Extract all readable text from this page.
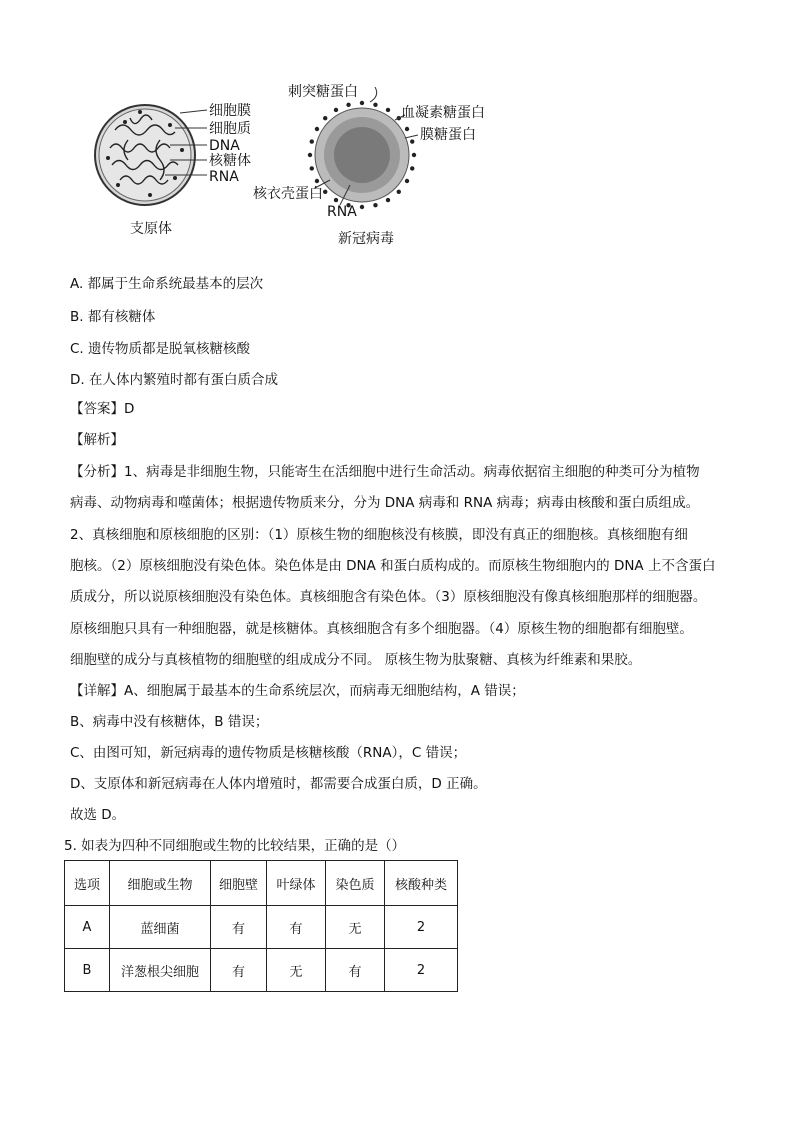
细胞膜
细胞质
DNA
核糖体
RNA
支原体
刺突糖蛋白
血凝素糖蛋白
膜糖蛋白
核衣壳蛋白
RNA
新冠病毒
A. 都属于生命系统最基本的层次
B. 都有核糖体
C. 遗传物质都是脱氧核糖核酸
D. 在人体内繁殖时都有蛋白质合成
【答案】D
【解析】
【分析】1、病毒是非细胞生物，只能寄生在活细胞中进行生命活动。病毒依据宿主细胞的种类可分为植物
病毒、动物病毒和噬菌体；根据遗传物质来分，分为 DNA 病毒和 RNA 病毒；病毒由核酸和蛋白质组成。
2、真核细胞和原核细胞的区别：（1）原核生物的细胞核没有核膜，即没有真正的细胞核。真核细胞有细
胞核。（2）原核细胞没有染色体。染色体是由 DNA 和蛋白质构成的。而原核生物细胞内的 DNA 上不含蛋白
质成分，所以说原核细胞没有染色体。真核细胞含有染色体。（3）原核细胞没有像真核细胞那样的细胞器。
原核细胞只具有一种细胞器，就是核糖体。真核细胞含有多个细胞器。（4）原核生物的细胞都有细胞壁。
细胞壁的成分与真核植物的细胞壁的组成成分不同。 原核生物为肽聚糖、真核为纤维素和果胶。
【详解】A、细胞属于最基本的生命系统层次，而病毒无细胞结构，A 错误；
B、病毒中没有核糖体，B 错误；
C、由图可知，新冠病毒的遗传物质是核糖核酸（RNA），C 错误；
D、支原体和新冠病毒在人体内增殖时，都需要合成蛋白质，D 正确。
故选 D。
5. 如表为四种不同细胞或生物的比较结果，正确的是（）
选项	细胞或生物	细胞壁	叶绿体	染色质	核酸种类
A	蓝细菌	有	有	无	2
B	洋葱根尖细胞	有	无	有	2
